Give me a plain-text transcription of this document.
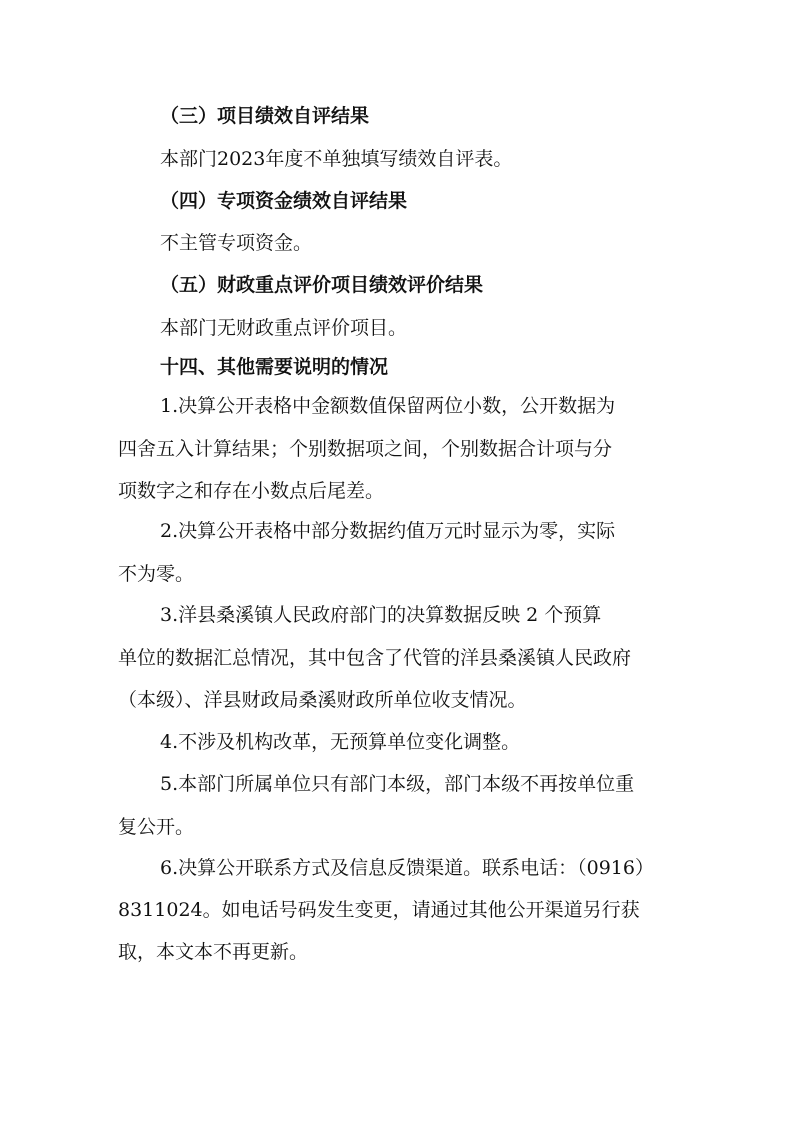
（三）项目绩效自评结果

本部门2023年度不单独填写绩效自评表。

（四）专项资金绩效自评结果

不主管专项资金。

（五）财政重点评价项目绩效评价结果

本部门无财政重点评价项目。

十四、其他需要说明的情况

1.决算公开表格中金额数值保留两位小数，公开数据为

四舍五入计算结果；个别数据项之间，个别数据合计项与分

项数字之和存在小数点后尾差。

2.决算公开表格中部分数据约值万元时显示为零，实际

不为零。

3.洋县桑溪镇人民政府部门的决算数据反映 2 个预算

单位的数据汇总情况，其中包含了代管的洋县桑溪镇人民政府

（本级）、洋县财政局桑溪财政所单位收支情况。

4.不涉及机构改革，无预算单位变化调整。

5.本部门所属单位只有部门本级，部门本级不再按单位重

复公开。

6.决算公开联系方式及信息反馈渠道。联系电话：（0916）

8311024。如电话号码发生变更，请通过其他公开渠道另行获

取，本文本不再更新。
